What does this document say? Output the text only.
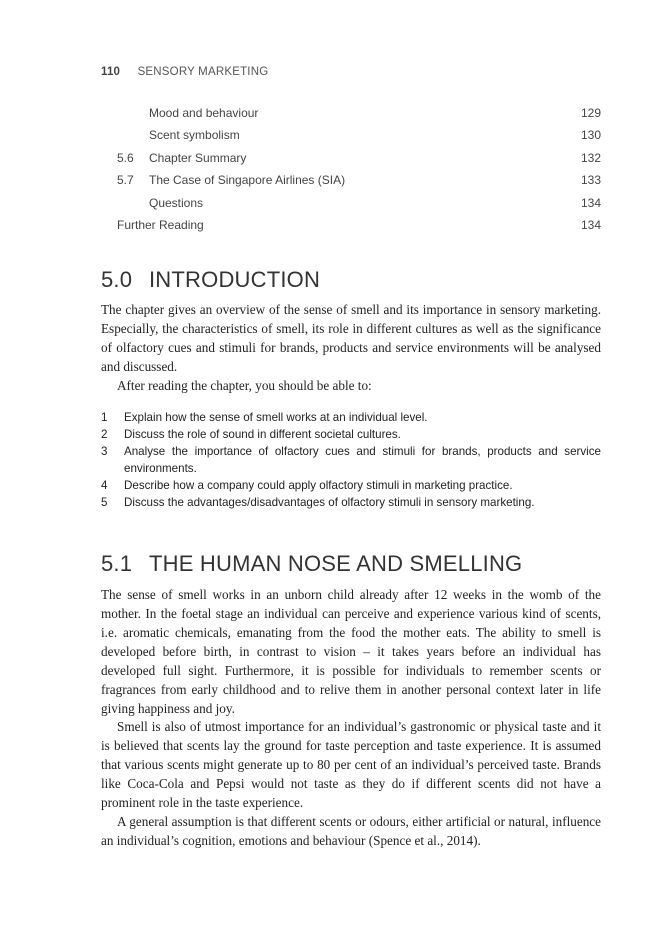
110 SENSORY MARKETING
Mood and behaviour	129
Scent symbolism	130
5.6 Chapter Summary	132
5.7 The Case of Singapore Airlines (SIA)	133
Questions	134
Further Reading	134
5.0 INTRODUCTION

The chapter gives an overview of the sense of smell and its importance in sensory marketing. Especially, the characteristics of smell, its role in different cultures as well as the significance of olfactory cues and stimuli for brands, products and service environments will be analysed and discussed.

After reading the chapter, you should be able to:

1 Explain how the sense of smell works at an individual level.
2 Discuss the role of sound in different societal cultures.
3 Analyse the importance of olfactory cues and stimuli for brands, products and service environments.
4 Describe how a company could apply olfactory stimuli in marketing practice.
5 Discuss the advantages/disadvantages of olfactory stimuli in sensory marketing.
5.1 THE HUMAN NOSE AND SMELLING

The sense of smell works in an unborn child already after 12 weeks in the womb of the mother. In the foetal stage an individual can perceive and experience various kind of scents, i.e. aromatic chemicals, emanating from the food the mother eats. The ability to smell is developed before birth, in contrast to vision – it takes years before an individual has developed full sight. Furthermore, it is possible for individuals to remember scents or fragrances from early childhood and to relive them in another personal context later in life giving happiness and joy.

Smell is also of utmost importance for an individual’s gastronomic or physical taste and it is believed that scents lay the ground for taste perception and taste experience. It is assumed that various scents might generate up to 80 per cent of an individual’s perceived taste. Brands like Coca-Cola and Pepsi would not taste as they do if different scents did not have a prominent role in the taste experience.

A general assumption is that different scents or odours, either artificial or natural, influence an individual’s cognition, emotions and behaviour (Spence et al., 2014).
